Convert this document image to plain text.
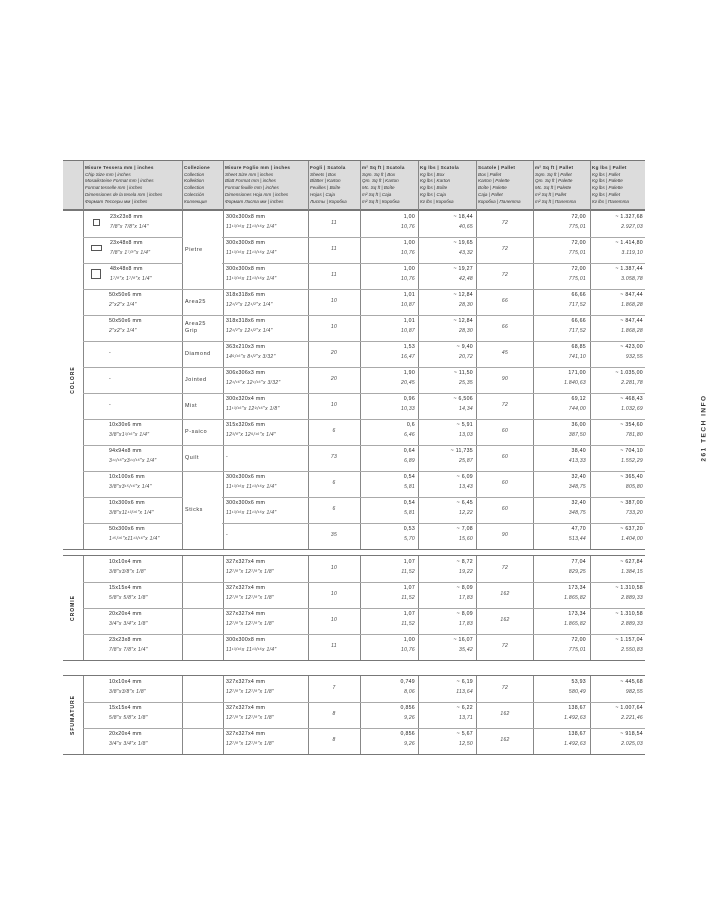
Misure Tessera mm | inches
Chip Size mm | inches
Mosaiksteine Format mm | inches
Format tesselle mm | inches
Dimensiones de la tesela mm | inches
Формат Тессеры мм | inches
Collezione
Collection
Kollektion
Collection
Colección
Коллекция
Misure Foglio mm | inches
Sheet Size mm | inches
Blatt Format mm | inches
Format feuille mm | inches
Dimensiones Hoja mm | inches
Формат Листа мм | inches
Fogli | Scatola
Sheets | Box
Blätter | Karton
Feuilles | Boîte
Hojas | Caja
Листы | Коробка
m² Sq ft | Scatola
Sqm. Sq ft | Box
Qm. Sq ft | Karton
Mc. Sq ft | Boîte
m² Sq ft | Caja
m² Sq ft | Коробка
Kg lbs | Scatola
Kg lbs | Box
Kg lbs | Karton
Kg lbs | Boîte
Kg lbs | Caja
Кг lbs | Коробка
Scatole | Pallet
Box | Pallet
Karton | Palette
Boîte | Palette
Caja | Pallet
Коробка | Палетта
m² Sq ft | Pallet
Sqm. Sq ft | Pallet
Qm. Sq ft | Palette
Mc. Sq ft | Palette
m² Sq ft | Pallet
m² Sq ft | Палетта
Kg lbs | Pallet
Kg lbs | Pallet
Kg lbs | Palette
Kg lbs | Palette
Kg lbs | Pallet
Кг lbs | Палетта
COLORE
23x23x8 mm
7/8"x 7/8"x 1/4"
300x300x8 mm
11¹³/¹⁶x 11¹³/¹⁶x 1/4"
11
1,00
10,76
~ 18,44
40,65
72
72,00
775,01
~ 1.327,68
2.927,03
23x48x8 mm
7/8"x 1⁷/⁸"x 1/4"
300x300x8 mm
11¹³/¹⁶x 11¹³/¹⁶x 1/4"
11
1,00
10,76
~ 19,65
43,32
72
72,00
775,01
~ 1.414,80
3.119,10
48x48x8 mm
1⁷/⁸"x 1⁷/⁸"x 1/4"
300x300x8 mm
11¹³/¹⁶x 11¹³/¹⁶x 1/4"
11
1,00
10,76
~ 19,27
42,48
72
72,00
775,01
~ 1.387,44
3.058,78
50x50x6 mm
2"x2"x 1/4"
318x318x6 mm
12¹/²"x 12¹/²"x 1/4"
10
1,01
10,87
~ 12,84
28,30
66
66,66
717,52
~ 847,44
1.868,28
50x50x6 mm
2"x2"x 1/4"
318x318x6 mm
12¹/²"x 12¹/²"x 1/4"
10
1,01
10,87
~ 12,84
28,30
66
66,66
717,52
~ 847,44
1.868,28
-
363x210x3 mm
14⁹/¹⁶"x 8¹/²"x 3/32"
20
1,53
16,47
~ 9,40
20,72
45
68,85
741,10
~ 423,00
932,55
-
306x306x3 mm
12¹/¹⁶"x 12¹/¹⁶"x 3/32"
20
1,90
20,45
~ 11,50
25,35
90
171,00
1.840,63
~ 1.035,00
2.281,78
-
300x320x4 mm
11¹³/¹⁶"x 12⁹/¹⁶"x 1/8"
10
0,96
10,33
~ 6,506
14,34
72
69,12
744,00
~ 468,43
1.032,69
10x30x6 mm
3/8"x1³/¹⁶"x 1/4"
315x320x6 mm
12³/⁸"x 12⁹/¹⁶"x 1/4"
6
0,6
6,46
~ 5,91
13,03
60
36,00
387,50
~ 354,60
781,80
94x94x8 mm
3¹¹/¹⁶"x3¹¹/¹⁶"x 1/4"
-	73
0,64
6,89
~ 11,735
25,87
60
38,40
413,33
~ 704,10
1.552,29
10x100x6 mm
3/8"x3¹⁵/¹⁶"x 1/4"
300x300x6 mm
11¹³/¹⁶x 11¹³/¹⁶x 1/4"
6
0,54
5,81
~ 6,09
13,43
60
32,40
348,75
~ 365,40
805,80
10x300x6 mm
3/8"x11¹³/¹⁶"x 1/4"
300x300x6 mm
11¹³/¹⁶x 11¹³/¹⁶x 1/4"
6
0,54
5,81
~ 6,45
12,22
60
32,40
348,75
~ 387,00
733,20
50x300x6 mm
1¹⁵/¹⁶"x11¹³/¹⁶"x 1/4"
-	35
0,53
5,70
~ 7,08
15,60
90
47,70
513,44
~ 637,20
1.404,00
Pietre
Area25
Area25
Grip
Diamond
Jointed
Mist
P-saico
Quilt
Sticks
CROMIE
10x10x4 mm
3/8"x3/8"x 1/8"
327x327x4 mm
12⁷/⁸"x 12⁷/⁸"x 1/8"
10
1,07
11,52
~ 8,72
19,22
72
77,04
829,25
~ 627,84
1.384,15
15x15x4 mm
5/8"x 5/8"x 1/8"
327x327x4 mm
12⁷/⁸"x 12⁷/⁸"x 1/8"
10
1,07
11,52
~ 8,09
17,83
162
173,34
1.865,82
~ 1.310,58
2.889,33
20x20x4 mm
3/4"x 3/4"x 1/8"
327x327x4 mm
12⁷/⁸"x 12⁷/⁸"x 1/8"
10
1,07
11,52
~ 8,09
17,83
162
173,34
1.865,82
~ 1.310,58
2.889,33
23x23x8 mm
7/8"x 7/8"x 1/4"
300x300x8 mm
11¹³/¹⁶x 11¹³/¹⁶x 1/4"
11
1,00
10,76
~ 16,07
35,42
72
72,00
775,01
~ 1.157,04
2.550,83
SFUMATURE
10x10x4 mm
3/8"x3/8"x 1/8"
327x327x4 mm
12⁷/⁸"x 12⁷/⁸"x 1/8"
7
0,749
8,06
~ 6,19
113,64
72
53,93
580,49
~ 445,68
982,55
15x15x4 mm
5/8"x 5/8"x 1/8"
327x327x4 mm
12⁷/⁸"x 12⁷/⁸"x 1/8"
8
0,856
9,26
~ 6,22
13,71
162
138,67
1.492,63
~ 1.007,64
2.221,46
20x20x4 mm
3/4"x 3/4"x 1/8"
327x327x4 mm
12⁷/⁸"x 12⁷/⁸"x 1/8"
8
0,856
9,26
~ 5,67
12,50
162
138,67
1.492,63
~ 918,54
2.025,03
261 TECH INFO
